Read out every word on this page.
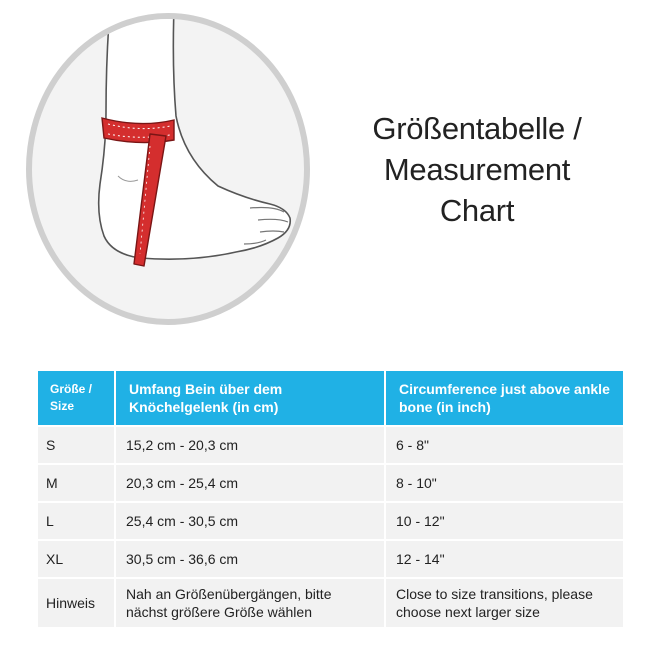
Größentabelle /
Measurement
Chart
Größe / Size	Umfang Bein über dem Knöchelgelenk (in cm)	Circumference just above ankle bone (in inch)
S	15,2 cm - 20,3 cm	6 - 8"
M	20,3 cm - 25,4 cm	8 - 10"
L	25,4 cm - 30,5 cm	10 - 12"
XL	30,5 cm - 36,6 cm	12 - 14"
Hinweis	Nah an Größenübergängen, bitte nächst größere Größe wählen	Close to size transitions, please choose next larger size
